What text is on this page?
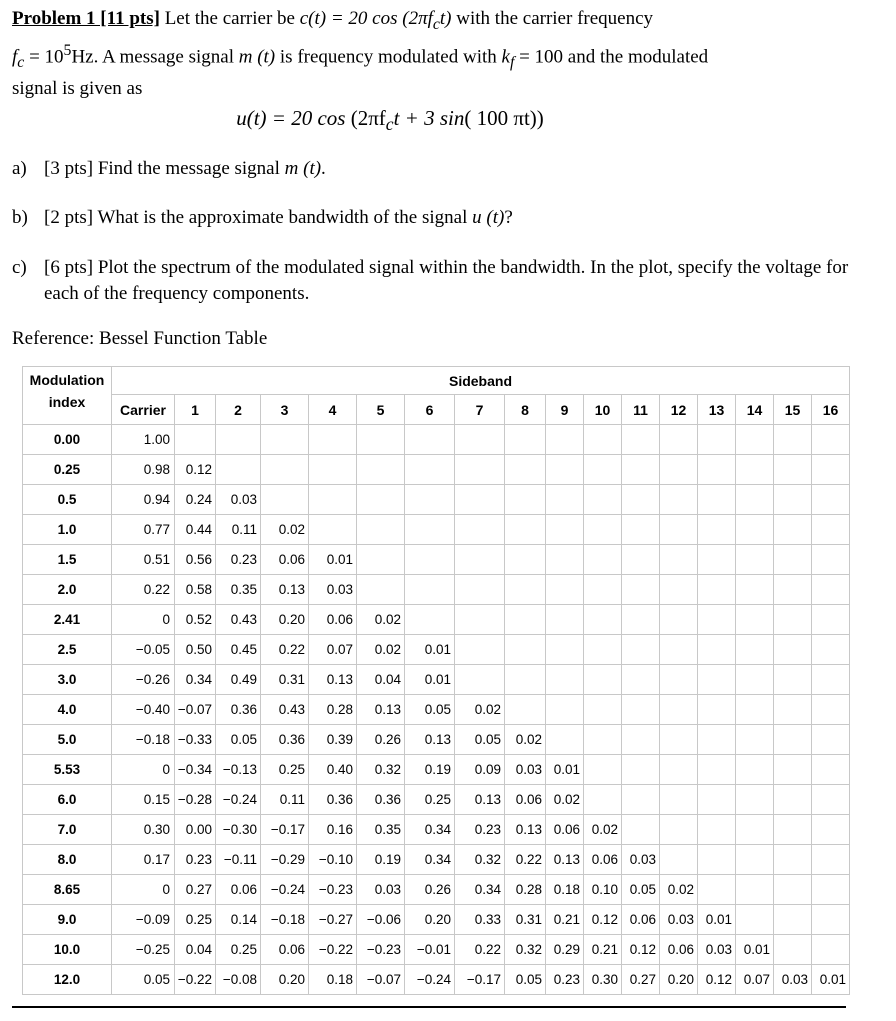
Problem 1 [11 pts] Let the carrier be c(t) = 20 $\cos (2\pi f_ct)$ with the carrier frequency
$f_c = 10^5Hz$. A message signal m (t) is frequency modulated with $k_f = 100$ and the modulated
signal is given as
u(t) = 20 $\cos (2\pi f_ct + 3$ sin( 100 πt))
a) [3 pts] Find the message signal m (t).
b) [2 pts] What is the approximate bandwidth of the signal u (t)?
c) [6 pts] Plot the spectrum of the modulated signal within the bandwidth. In the plot, specify the voltage for each of the frequency components.
Reference: Bessel Function Table
Modulation
index	Sideband																
	Carrier	1	2	3	4	5	6	7	8	9	10	11	12	13	14	15	16
0.00	1.00																
0.25	0.98	0.12															
0.5	0.94	0.24	0.03														
1.0	0.77	0.44	0.11	0.02													
1.5	0.51	0.56	0.23	0.06	0.01												
2.0	0.22	0.58	0.35	0.13	0.03												
2.41	0	0.52	0.43	0.20	0.06	0.02											
2.5	−0.05	0.50	0.45	0.22	0.07	0.02	0.01										
3.0	−0.26	0.34	0.49	0.31	0.13	0.04	0.01										
4.0	−0.40	−0.07	0.36	0.43	0.28	0.13	0.05	0.02									
5.0	−0.18	−0.33	0.05	0.36	0.39	0.26	0.13	0.05	0.02								
5.53	0	−0.34	−0.13	0.25	0.40	0.32	0.19	0.09	0.03	0.01							
6.0	0.15	−0.28	−0.24	0.11	0.36	0.36	0.25	0.13	0.06	0.02							
7.0	0.30	0.00	−0.30	−0.17	0.16	0.35	0.34	0.23	0.13	0.06	0.02						
8.0	0.17	0.23	−0.11	−0.29	−0.10	0.19	0.34	0.32	0.22	0.13	0.06	0.03					
8.65	0	0.27	0.06	−0.24	−0.23	0.03	0.26	0.34	0.28	0.18	0.10	0.05	0.02				
9.0	−0.09	0.25	0.14	−0.18	−0.27	−0.06	0.20	0.33	0.31	0.21	0.12	0.06	0.03	0.01			
10.0	−0.25	0.04	0.25	0.06	−0.22	−0.23	−0.01	0.22	0.32	0.29	0.21	0.12	0.06	0.03	0.01		
12.0	0.05	−0.22	−0.08	0.20	0.18	−0.07	−0.24	−0.17	0.05	0.23	0.30	0.27	0.20	0.12	0.07	0.03	0.01
